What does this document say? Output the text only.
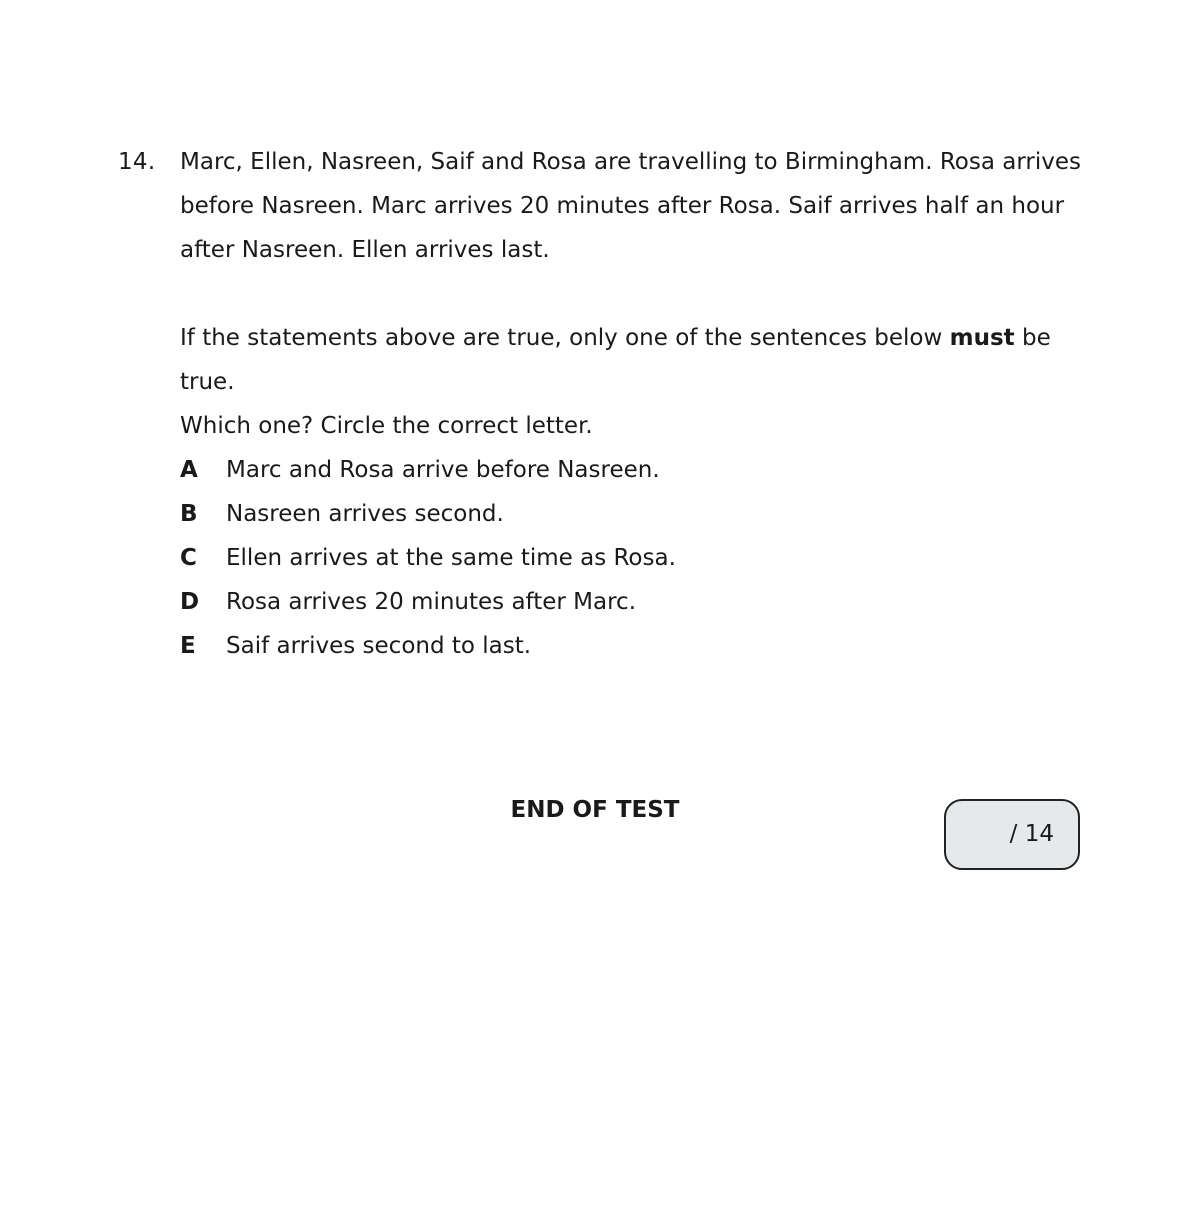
14. Marc, Ellen, Nasreen, Saif and Rosa are travelling to Birmingham. Rosa arrives before Nasreen. Marc arrives 20 minutes after Rosa. Saif arrives half an hour after Nasreen. Ellen arrives last.

If the statements above are true, only one of the sentences below must be true.

Which one? Circle the correct letter.

A	Marc and Rosa arrive before Nasreen.
B	Nasreen arrives second.
C	Ellen arrives at the same time as Rosa.
D	Rosa arrives 20 minutes after Marc.
E	Saif arrives second to last.
END OF TEST
/ 14
